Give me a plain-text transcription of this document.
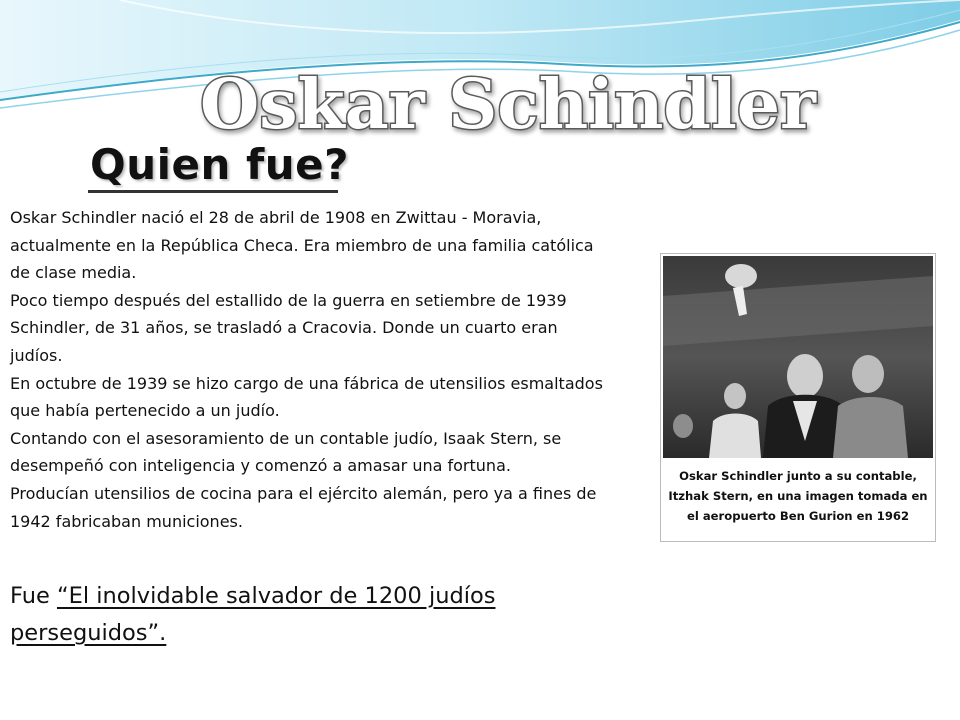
Oskar Schindler
Quien fue?

Oskar Schindler nació el 28 de abril de 1908 en Zwittau - Moravia, actualmente en la República Checa. Era miembro de una familia católica de clase media.

Poco tiempo después del estallido de la guerra en setiembre de 1939 Schindler, de 31 años, se trasladó a Cracovia. Donde un cuarto eran judíos.

En octubre de 1939 se hizo cargo de una fábrica de utensilios esmaltados que había pertenecido a un judío.

Contando con el asesoramiento de un contable judío, Isaak Stern, se desempeñó con inteligencia y comenzó a amasar una fortuna.

Producían utensilios de cocina para el ejército alemán, pero ya a fines de 1942 fabricaban municiones.

Fue “El inolvidable salvador de 1200 judíos perseguidos”.
Oskar Schindler junto a su contable, Itzhak Stern, en una imagen tomada en el aeropuerto Ben Gurion en 1962
